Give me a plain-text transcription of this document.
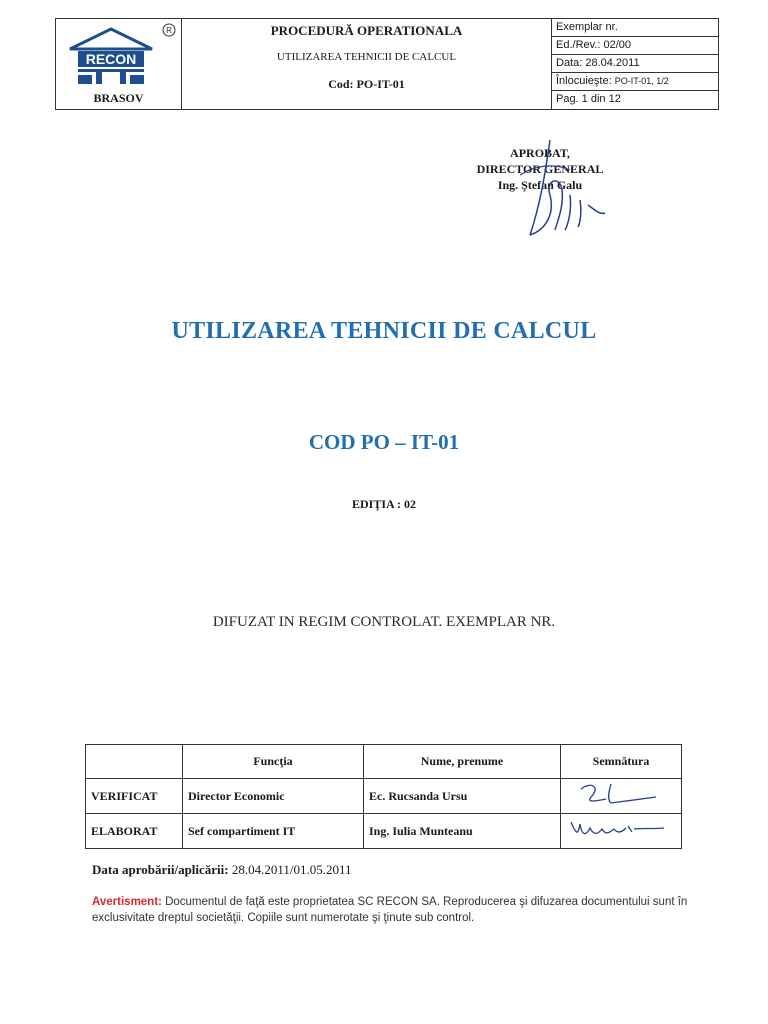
RECON
R
BRASOV
PROCEDURĂ OPERATIONALA
UTILIZAREA TEHNICII DE CALCUL
Cod: PO-IT-01
Exemplar nr.
Ed./Rev.: 02/00
Data: 28.04.2011
Înlocuieşte: PO-IT-01, 1/2
Pag. 1 din 12
APROBAT,
DIRECTOR GENERAL
Ing. Ştefan Galu
UTILIZAREA TEHNICII DE CALCUL
COD PO – IT-01
EDIŢIA : 02
DIFUZAT IN REGIM CONTROLAT. EXEMPLAR NR.
	Funcţia	Nume, prenume	Semnătura
VERIFICAT	Director Economic	Ec. Rucsanda Ursu	
ELABORAT	Sef compartiment IT	Ing. Iulia Munteanu	
Data aprobării/aplicării: 28.04.2011/01.05.2011
Avertisment: Documentul de faţă este proprietatea SC RECON SA. Reproducerea şi difuzarea documentului sunt în exclusivitate dreptul societăţii. Copiile sunt numerotate şi ţinute sub control.
